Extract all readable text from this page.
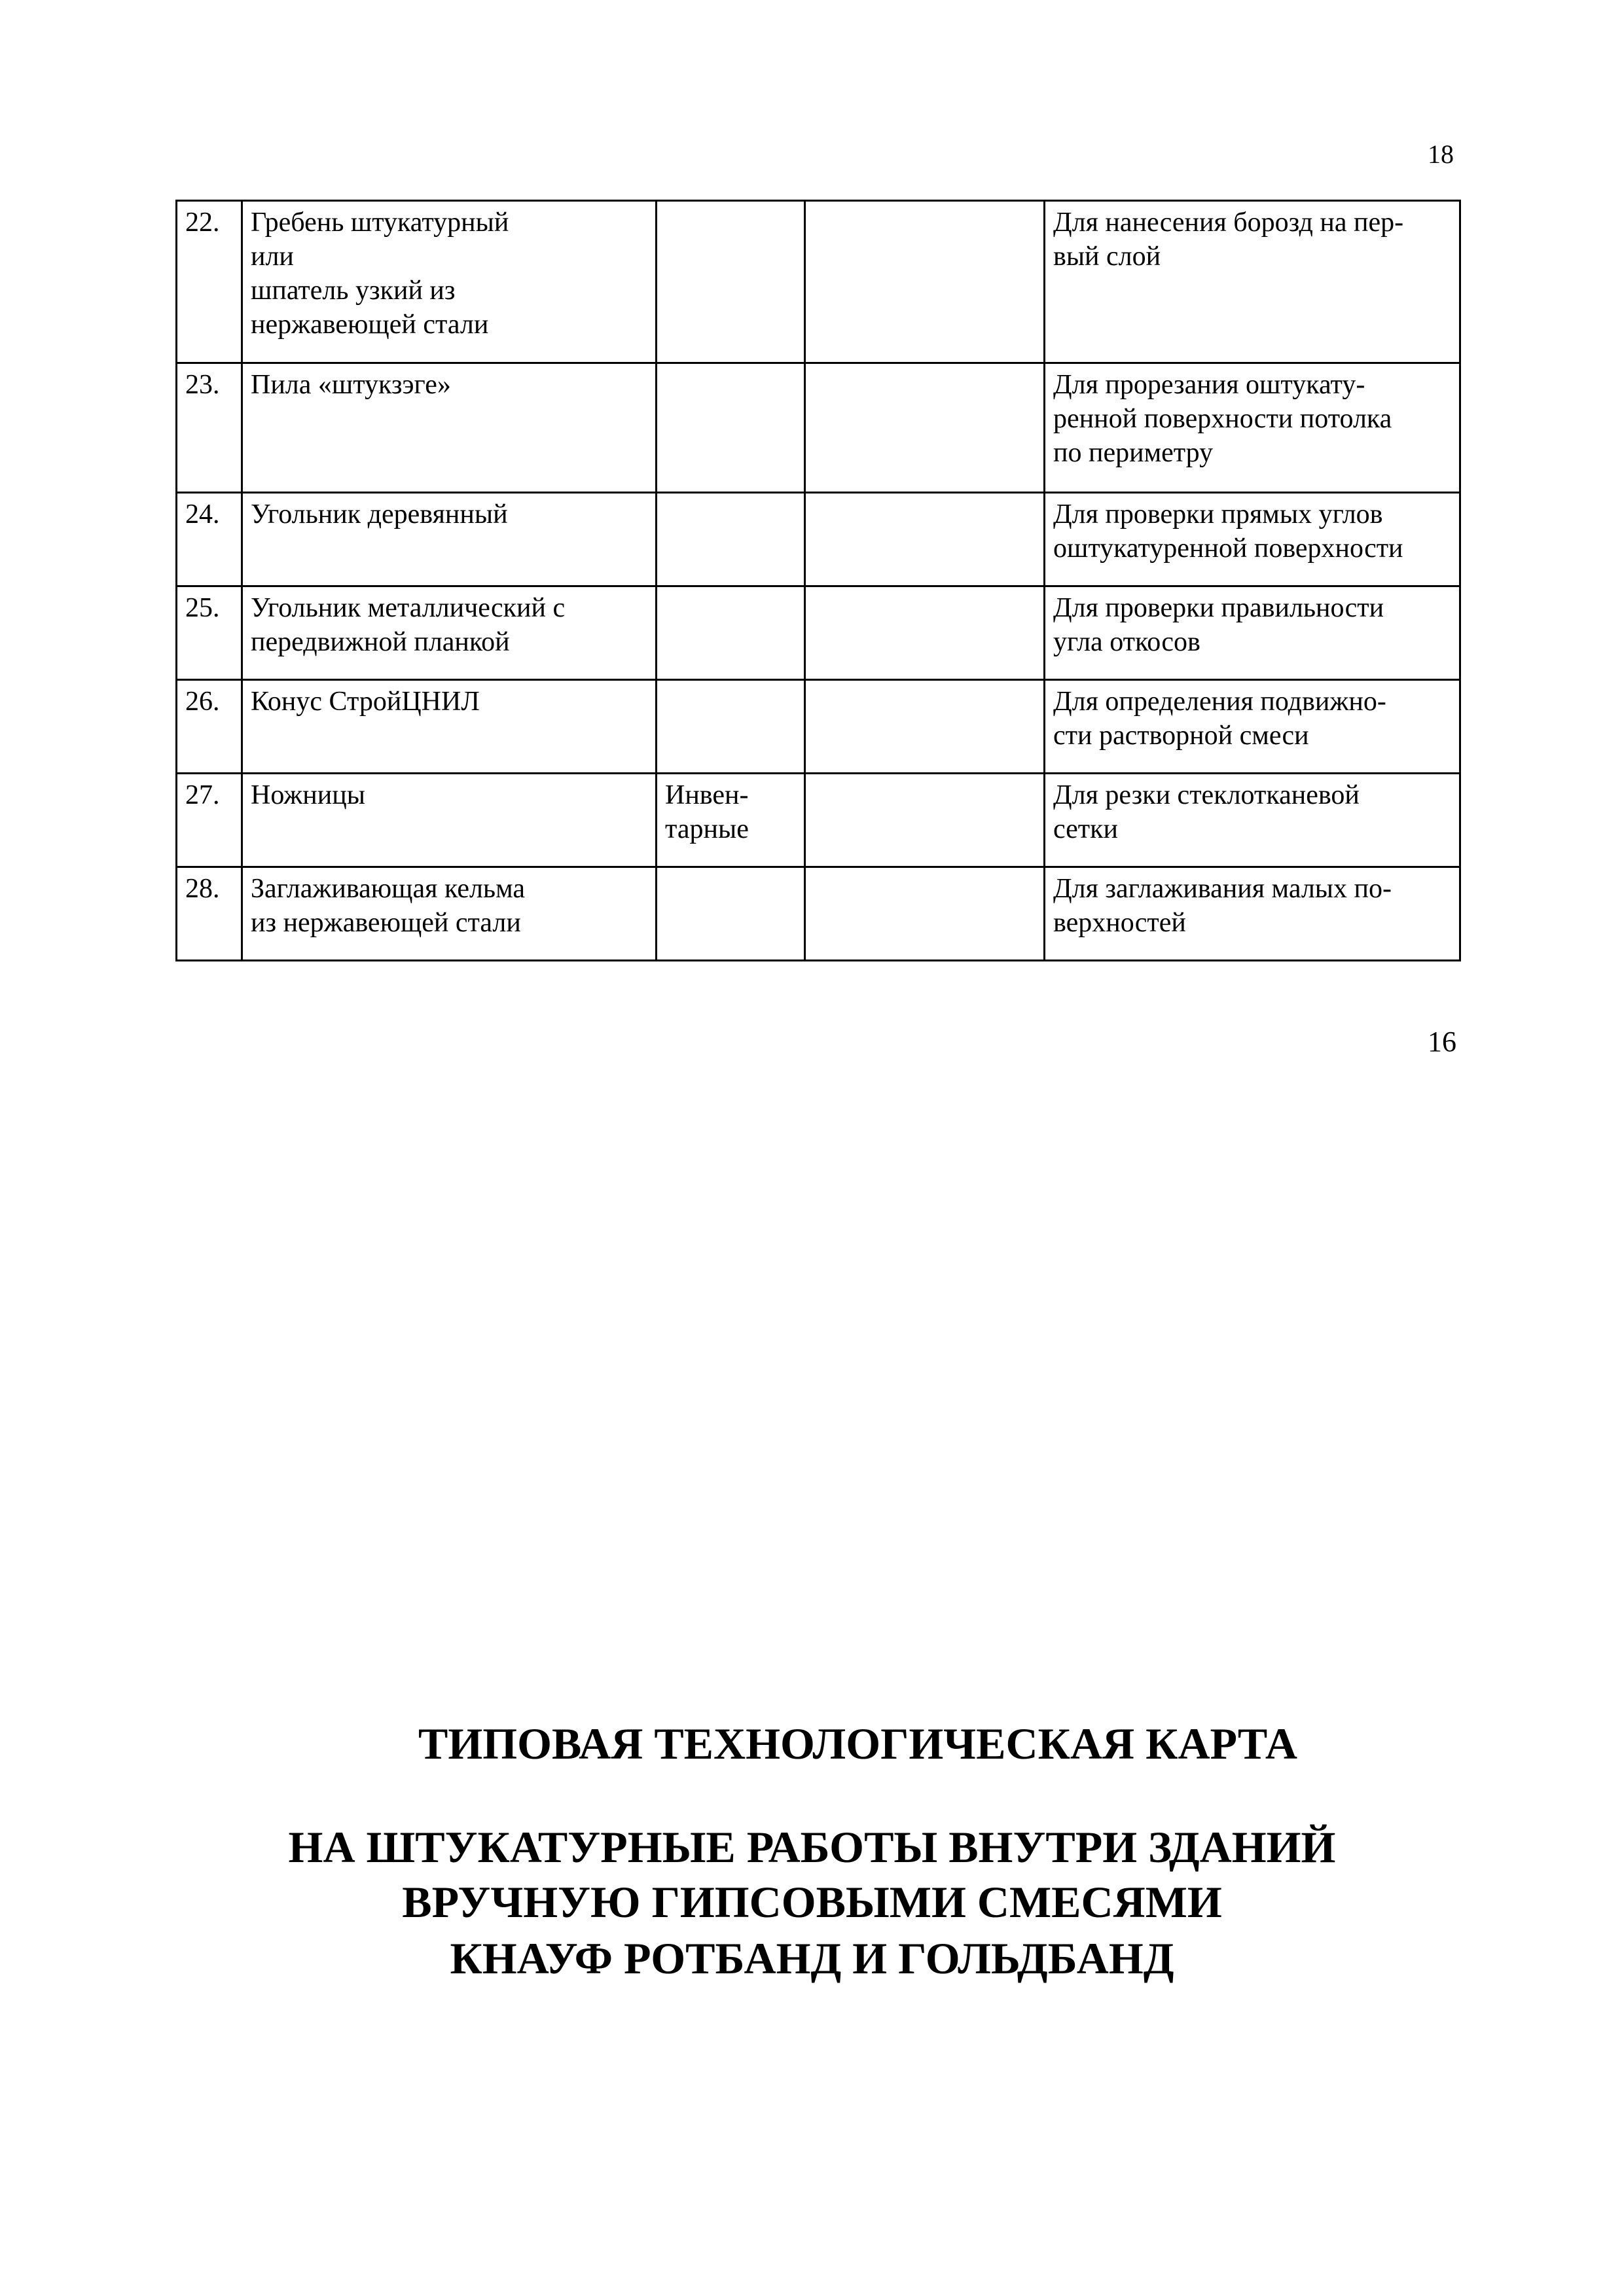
18
22.	Гребень штукатурный
или
шпатель узкий из
нержавеющей стали			Для нанесения борозд на пер-
вый слой
23.	Пила «штукзэге»			Для прорезания оштукату-
ренной поверхности потолка
по периметру
24.	Угольник деревянный			Для проверки прямых углов
оштукатуренной поверхности
25.	Угольник металлический с
передвижной планкой			Для проверки правильности
угла откосов
26.	Конус СтройЦНИЛ			Для определения подвижно-
сти растворной смеси
27.	Ножницы	Инвен-
тарные		Для резки стеклотканевой
сетки
28.	Заглаживающая кельма
из нержавеющей стали			Для заглаживания малых по-
верхностей
16
ТИПОВАЯ ТЕХНОЛОГИЧЕСКАЯ КАРТА
НА ШТУКАТУРНЫЕ РАБОТЫ ВНУТРИ ЗДАНИЙ
ВРУЧНУЮ ГИПСОВЫМИ СМЕСЯМИ
КНАУФ РОТБАНД И ГОЛЬДБАНД
